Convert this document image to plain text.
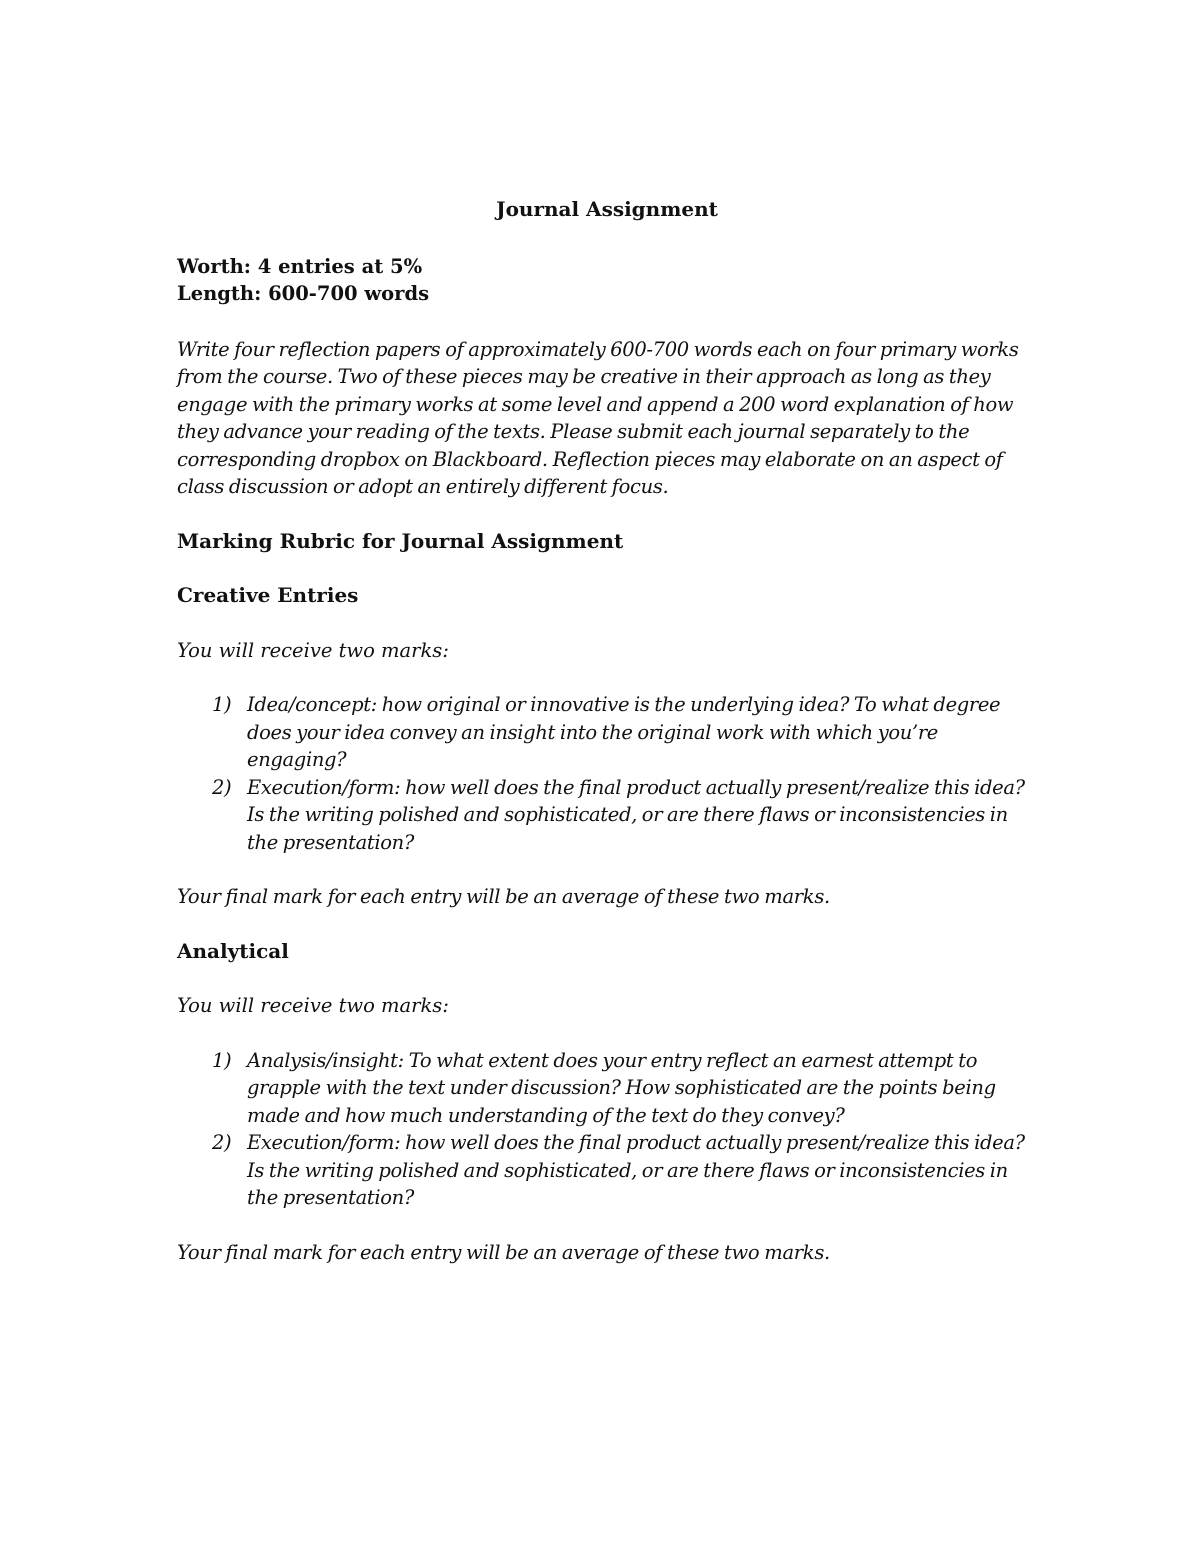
Journal Assignment
Worth: 4 entries at 5%
Length: 600-700 words

Write four reflection papers of approximately 600-700 words each on four primary works from the course. Two of these pieces may be creative in their approach as long as they engage with the primary works at some level and append a 200 word explanation of how they advance your reading of the texts. Please submit each journal separately to the corresponding dropbox on Blackboard. Reflection pieces may elaborate on an aspect of class discussion or adopt an entirely different focus.

Marking Rubric for Journal Assignment
Creative Entries
You will receive two marks:
1) Idea/concept: how original or innovative is the underlying idea? To what degree does your idea convey an insight into the original work with which you’re engaging?
2) Execution/form: how well does the final product actually present/realize this idea? Is the writing polished and sophisticated, or are there flaws or inconsistencies in the presentation?
Your final mark for each entry will be an average of these two marks.
Analytical
You will receive two marks:
1) Analysis/insight: To what extent does your entry reflect an earnest attempt to grapple with the text under discussion? How sophisticated are the points being made and how much understanding of the text do they convey?
2) Execution/form: how well does the final product actually present/realize this idea? Is the writing polished and sophisticated, or are there flaws or inconsistencies in the presentation?
Your final mark for each entry will be an average of these two marks.
